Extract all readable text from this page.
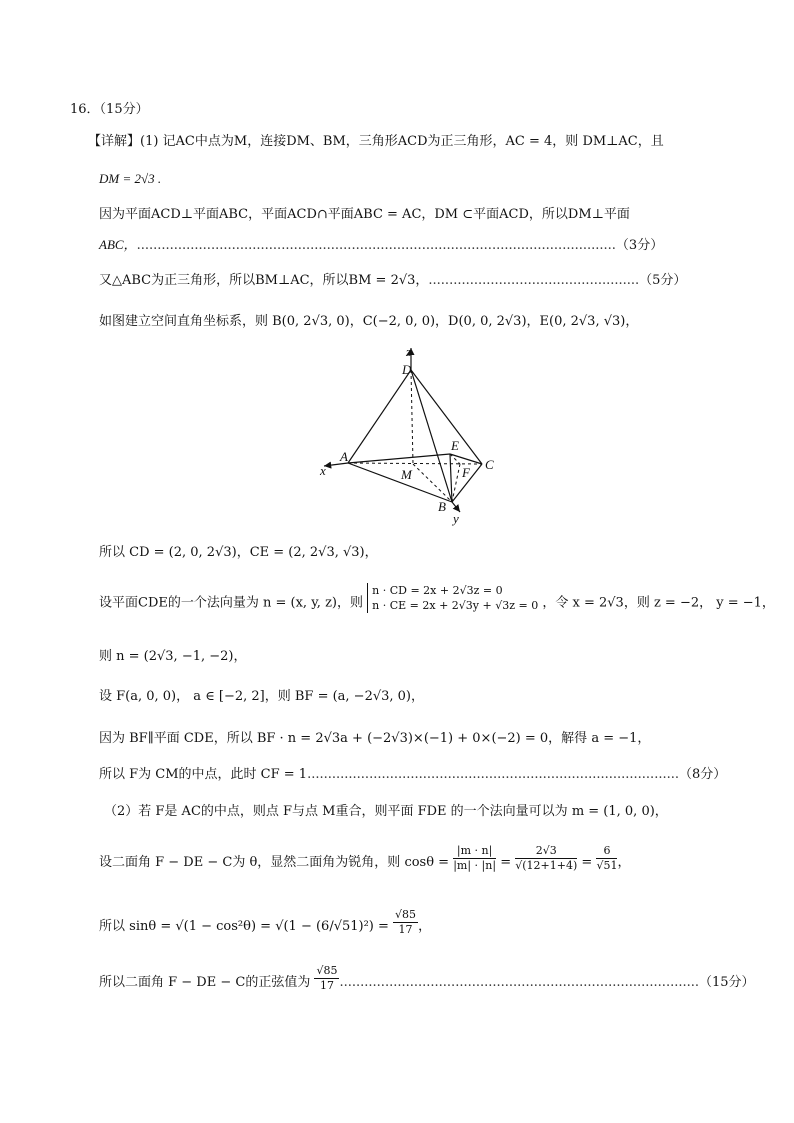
16．（15分）
【详解】(1) 记AC中点为M，连接DM、BM，三角形ACD为正三角形，AC = 4，则 DM⊥AC，且
DM = 2√3 .
因为平面ACD⊥平面ABC，平面ACD∩平面ABC = AC，DM ⊂平面ACD，所以DM⊥平面
ABC，....................................................................................................................（3分）
又△ABC为正三角形，所以BM⊥AC，所以BM = 2√3，...................................................（5分）
如图建立空间直角坐标系，则 B(0, 2√3, 0)，C(−2, 0, 0)，D(0, 0, 2√3)，E(0, 2√3, √3)，
z
D
E
A
C
x	M	F
B
y
所以 CD = (2, 0, 2√3)，CE = (2, 2√3, √3)，
设平面CDE的一个法向量为 n = (x, y, z)，则
n · CD = 2x + 2√3z = 0
n · CE = 2x + 2√3y + √3z = 0 ，令 x = 2√3，则 z = −2， y = −1，
则 n = (2√3, −1, −2)，
设 F(a, 0, 0)， a ∈ [−2, 2]，则 BF = (a, −2√3, 0)，
因为 BF∥平面 CDE，所以 BF · n = 2√3a + (−2√3)×(−1) + 0×(−2) = 0，解得 a = −1，
所以 F为 CM的中点，此时 CF = 1..........................................................................................（8分）
（2）若 F是 AC的中点，则点 F与点 M重合，则平面 FDE 的一个法向量可以为 m = (1, 0, 0)，
设二面角 F − DE − C为 θ，显然二面角为锐角，则 $\cos\theta = \frac{|m \cdot n|}{|m| \cdot |n|} = \frac{2√3}{√(12+1+4)} = \frac{6}{√51}$ ，
所以 $\sin\theta = √(1 - \cos^2\theta) = √(1 - (6/√51)^2) = \frac{√85}{17}$ ，
所以二面角 F − DE − C的正弦值为 $\frac{√85}{17} .......................................................................................(15$分）
